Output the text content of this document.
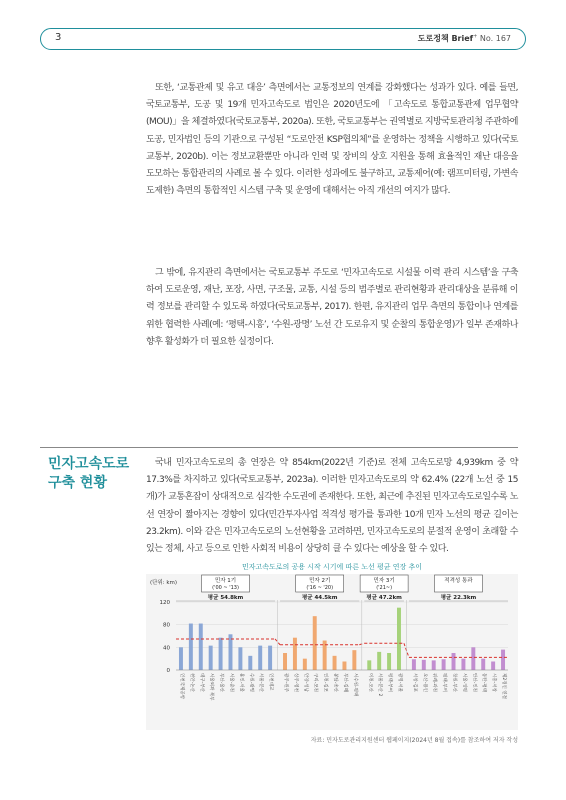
3	도로정책 Brief+ No. 167

또한, ‘교통관제 및 유고 대응’ 측면에서는 교통정보의 연계를 강화했다는 성과가 있다. 예를 들면, 국토교통부, 도공 및 19개 민자고속도로 법인은 2020년도에 「고속도로 통합교통관제 업무협약(MOU)」을 체결하였다(국토교통부, 2020a). 또한, 국토교통부는 권역별로 지방국토관리청 주관하에 도공, 민자법인 등의 기관으로 구성된 “도로안전 KSP협의체”를 운영하는 정책을 시행하고 있다(국토교통부, 2020b). 이는 정보교환뿐만 아니라 인력 및 장비의 상호 지원을 통해 효율적인 재난 대응을 도모하는 통합관리의 사례로 볼 수 있다. 이러한 성과에도 불구하고, 교통제어(예: 램프미터링, 가변속도제한) 측면의 통합적인 시스템 구축 및 운영에 대해서는 아직 개선의 여지가 많다.

그 밖에, 유지관리 측면에서는 국토교통부 주도로 ‘민자고속도로 시설물 이력 관리 시스템’을 구축하여 도로운영, 재난, 포장, 사면, 구조물, 교통, 시설 등의 범주별로 관리현황과 관리대상을 분류해 이력 정보를 관리할 수 있도록 하였다(국토교통부, 2017). 한편, 유지관리 업무 측면의 통합이나 연계를 위한 협력한 사례(예: ‘평택-시흥’, ‘수원-광명’ 노선 간 도로유지 및 순찰의 통합운영)가 일부 존재하나 향후 활성화가 더 필요한 실정이다.

민자고속도로 구축 현황

국내 민자고속도로의 총 연장은 약 854km(2022년 기준)로 전체 고속도로망 4,939km 중 약 17.3%를 차지하고 있다(국토교통부, 2023a). 이러한 민자고속도로의 약 62.4% (22개 노선 중 15개)가 교통혼잡이 상대적으로 심각한 수도권에 존재한다. 또한, 최근에 추진된 민자고속도로일수록 노선 연장이 짧아지는 경향이 있다(민간투자사업 적격성 평가를 통과한 10개 민자 노선의 평균 길이는 23.2km). 이와 같은 민자고속도로의 노선현황을 고려하면, 민자고속도로의 분절적 운영이 초래할 수 있는 정체, 사고 등으로 인한 사회적 비용이 상당히 클 수 있다는 예상을 할 수 있다.

민자고속도로의 공용 시작 시기에 따른 노선 평균 연장 추이
(단위: km)
0
40
80
120
민자 1기
('00 ~ '13)
평균 54.8km
인천국제공항	천안-논산	대구-부산	서울외곽 북부	부산-울산	서울-춘천	용인-서울	수원-광명	서울-문산	인천대교
민자 2기
('16 ~ '20)
평균 44.5km
광주-원주	상주-영천	안양-성남	구리-포천	인천-김포	봉담-송산	부산-김해	서수원-평택
민자 3기
('21~)
평균 47.2km
이천-오산	서울-문산 2	평택-부여	광명-서울
적격성 통과
평균 22.3km
서창-김포	오산-용인	위례-과천	평택-부여	창원-부산	서울-양평	안산-인천	동탄-평택	시흥-서창	제2경인 연결
자료: 민자도로관리지원센터 웹페이지(2024년 8월 접속)를 참조하여 저자 작성
